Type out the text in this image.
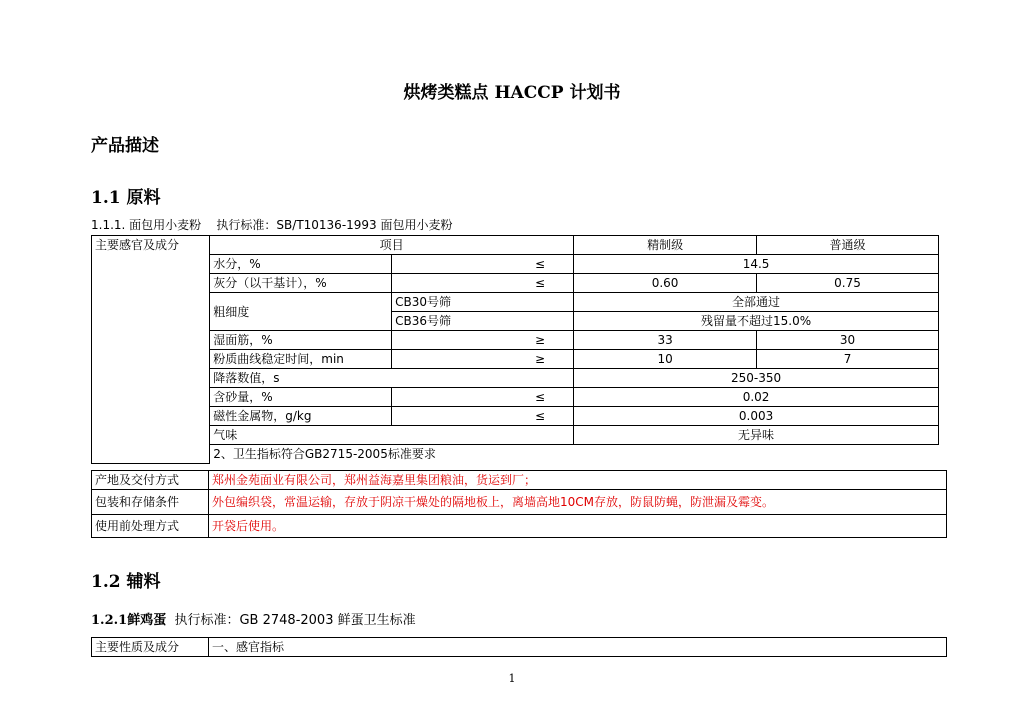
烘烤类糕点 HACCP 计划书
产品描述
1.1 原料
1.1.1. 面包用小麦粉    执行标准：SB/T10136-1993 面包用小麦粉
主要感官及成分	项目		精制级	普通级
	水分，%	≤	14.5	
	灰分（以干基计），%	≤	0.60	0.75
	粗细度	CB30号筛	全部通过	
		CB36号筛	残留量不超过15.0%	
	湿面筋，%	≥	33	30
	粉质曲线稳定时间，min	≥	10	7
	降落数值，s		250-350	
	含砂量，%	≤	0.02	
	磁性金属物，g/kg	≤	0.003	
	气味		无异味	
	2、卫生指标符合GB2715-2005标准要求			
产地及交付方式	郑州金苑面业有限公司，郑州益海嘉里集团粮油，货运到厂；
包装和存储条件	外包编织袋，常温运输，存放于阴凉干燥处的隔地板上，离墙高地10CM存放，防鼠防蝇，防泄漏及霉变。
使用前处理方式	开袋后使用。
1.2 辅料
1.2.1鲜鸡蛋 执行标准：GB 2748-2003 鲜蛋卫生标准
主要性质及成分	一、感官指标
1
